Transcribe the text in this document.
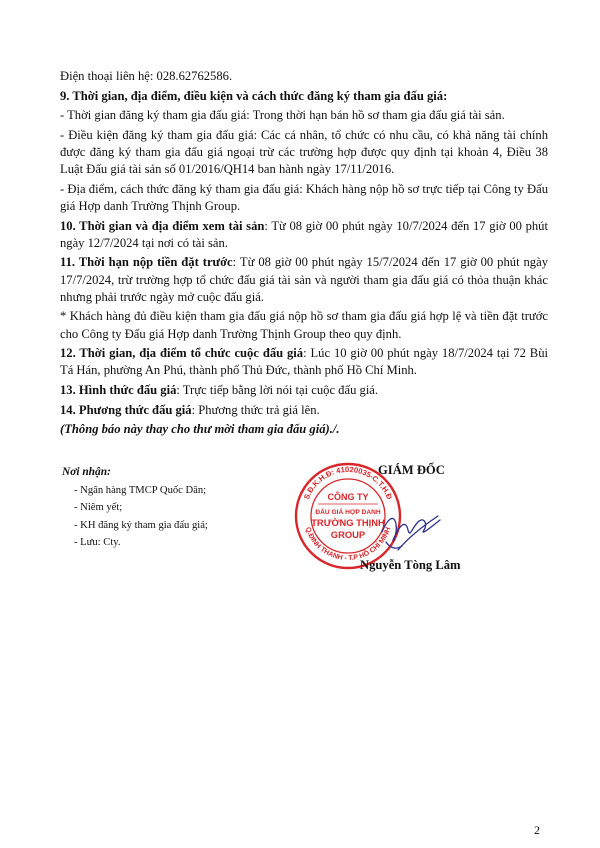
Điện thoại liên hệ: 028.62762586.

9. Thời gian, địa điểm, điều kiện và cách thức đăng ký tham gia đấu giá:

- Thời gian đăng ký tham gia đấu giá: Trong thời hạn bán hồ sơ tham gia đấu giá tài sản.

- Điều kiện đăng ký tham gia đấu giá: Các cá nhân, tổ chức có nhu cầu, có khả năng tài chính được đăng ký tham gia đấu giá ngoại trừ các trường hợp được quy định tại khoản 4, Điều 38 Luật Đấu giá tài sản số 01/2016/QH14 ban hành ngày 17/11/2016.

- Địa điểm, cách thức đăng ký tham gia đấu giá: Khách hàng nộp hồ sơ trực tiếp tại Công ty Đấu giá Hợp danh Trường Thịnh Group.

10. Thời gian và địa điểm xem tài sản: Từ 08 giờ 00 phút ngày 10/7/2024 đến 17 giờ 00 phút ngày 12/7/2024 tại nơi có tài sản.

11. Thời hạn nộp tiền đặt trước: Từ 08 giờ 00 phút ngày 15/7/2024 đến 17 giờ 00 phút ngày 17/7/2024, trừ trường hợp tổ chức đấu giá tài sản và người tham gia đấu giá có thỏa thuận khác nhưng phải trước ngày mở cuộc đấu giá.

* Khách hàng đủ điều kiện tham gia đấu giá nộp hồ sơ tham gia đấu giá hợp lệ và tiền đặt trước cho Công ty Đấu giá Hợp danh Trường Thịnh Group theo quy định.

12. Thời gian, địa điểm tổ chức cuộc đấu giá: Lúc 10 giờ 00 phút ngày 18/7/2024 tại 72 Bùi Tá Hán, phường An Phú, thành phố Thủ Đức, thành phố Hồ Chí Minh.

13. Hình thức đấu giá: Trực tiếp bằng lời nói tại cuộc đấu giá.

14. Phương thức đấu giá: Phương thức trả giá lên.

(Thông báo này thay cho thư mời tham gia đấu giá)./.

Nơi nhận:
- Ngân hàng TMCP Quốc Dân;
- Niêm yết;
- KH đăng ký tham gia đấu giá;
- Lưu: Cty.
S.Đ.K.H.Đ: 41020035-C.T.H.Đ
Q.ĐINH THANH - T.P HỒ CHÍ MINH
CÔNG TY
ĐẤU GIÁ HỢP DANH
TRƯỜNG THỊNH
GROUP
GIÁM ĐỐC
Nguyễn Tòng Lâm
2
